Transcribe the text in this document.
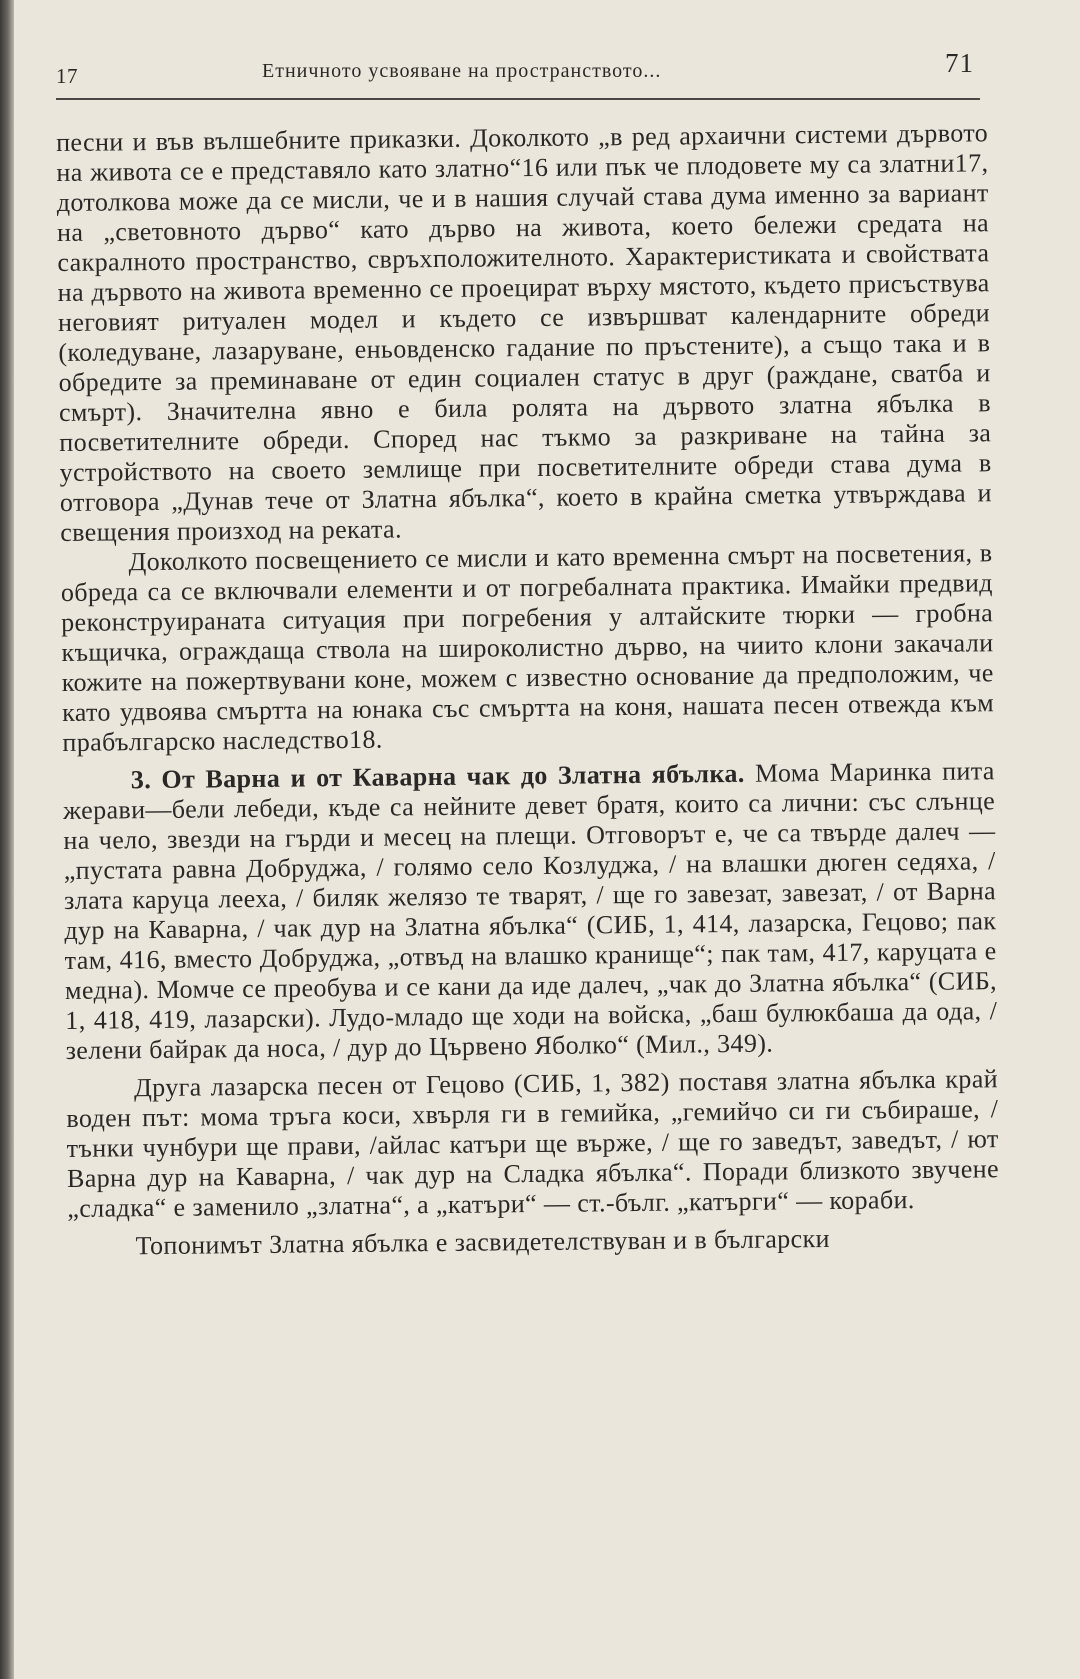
17	Етничното усвояване на пространството...	71

песни и във вълшебните приказки. Доколкото „в ред архаични системи дървото на живота се е представяло като златно“16 или пък че плодовете му са златни17, дотолкова може да се мисли, че и в нашия случай става дума именно за вариант на „световното дърво“ като дърво на живота, което бележи средата на сакралното пространство, свръхположителното. Характеристиката и свойствата на дървото на живота временно се проецират върху мястото, където присъствува неговият ритуален модел и където се извършват календарните обреди (коледуване, лазаруване, еньовденско гадание по пръстените), а също така и в обредите за преминаване от един социален статус в друг (раждане, сватба и смърт). Значителна явно е била ролята на дървото златна ябълка в посветителните обреди. Според нас тъкмо за разкриване на тайна за устройството на своето землище при посветителните обреди става дума в отговора „Дунав тече от Златна ябълка“, което в крайна сметка утвърждава и свещения произход на реката.

Доколкото посвещението се мисли и като временна смърт на посветения, в обреда са се включвали елементи и от погребалната практика. Имайки предвид реконструираната ситуация при погребения у алтайските тюрки — гробна къщичка, ограждаща ствола на широколистно дърво, на чиито клони закачали кожите на пожертвувани коне, можем с известно основание да предположим, че като удвоява смъртта на юнака със смъртта на коня, нашата песен отвежда към прабългарско наследство18.

3. От Варна и от Каварна чак до Златна ябълка. Момa Маринка пита жерави—бели лебеди, къде са нейните девет братя, които са лични: със слънце на чело, звезди на гърди и месец на плещи. Отговорът е, че са твърде далеч — „пустата равна Добруджа, / голямо село Козлуджа, / на влашки дюген седяха, / злата каруца лееха, / биляк желязо те тварят, / ще го завезат, завезат, / от Варна дур на Каварна, / чак дур на Златна ябълка“ (СИБ, 1, 414, лазарска, Гецово; пак там, 416, вместо Добруджа, „отвъд на влашко кранище“; пак там, 417, каруцата е медна). Момче се преобува и се кани да иде далеч, „чак до Златна ябълка“ (СИБ, 1, 418, 419, лазарски). Лудо-младо ще ходи на войска, „баш булюкбаша да ода, / зелени байрак да носа, / дур до Цървено Яболко“ (Мил., 349).

Друга лазарска песен от Гецово (СИБ, 1, 382) поставя златна ябълка край воден път: мома тръга коси, хвърля ги в гемийка, „гемийчо си ги събираше, / тънки чунбури ще прави, /айлас катъри ще вържe, / ще го заведът, заведът, / ют Варна дур на Каварна, / чак дур на Сладка ябълка“. Поради близкото звучене „сладка“ е заменило „златна“, а „катъри“ — ст.-бълг. „катърги“ — кораби.

Топонимът Златна ябълка е засвидетелствуван и в български
